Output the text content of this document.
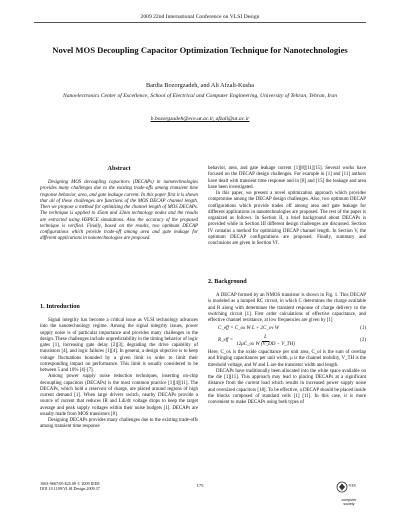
2009 22nd International Conference on VLSI Design
Novel MOS Decoupling Capacitor Optimization Technique for Nanotechnologies
Bardia Bozorgzadeh, and Ali Afzali-Kusha
Nanoelectronics Center of Excellence, School of Electrical and Computer Engineering, University of Tehran, Tehran, Iran
b.bozorgzadeh@ece.ut.ac.ir, afzali@ut.ac.ir
Abstract
Designing MOS decoupling capacitors (DECAPs) in nanotechnologies provides many challenges due to the existing trade-offs among transient time response behavior, area, and gate leakage current. In this paper first it is shown that all of these challenges are functions of the MOS DECAP channel length. Then we propose a method for optimizing the channel length of MOS DECAPs. The technique is applied to 45nm and 32nm technology nodes and the results are extracted using HSPICE simulations. Also the accuracy of the proposed technique is verified. Finally, based on the results, two optimum DECAP configurations which provide trade-off among area and gate leakage for different applications in nanotechnologies are proposed.
1. Introduction

Signal integrity has become a critical issue as VLSI technology advances into the nanotechnology regime. Among the signal integrity issues, power supply noise is of particular importance and provides many challenges in the design. These challenges include unpredictability in the timing behavior of logic gates [1], increasing gate delay [2][3], degrading the drive capability of transistors [4], and logic failures [1][4]. In general, a design objective is to keep voltage fluctuations bounded by a given limit in order to limit their corresponding impact on performance. This limit is usually considered to be between 5 and 10% [4]-[7].

Among power supply noise reduction techniques, inserting on-chip decoupling capacitors (DECAPs) is the most common practice [1][4][11]. The DECAPs, which hold a reservoir of charge, are placed around regions of high current demand [1]. When large drivers switch, nearby DECAPs provide a source of current that reduces IR and Ldi/dt voltage drops to keep the target average and peak supply voltages within their noise budgets [1]. DECAPs are usually made from MOS transistors [8].

Designing DECAPs provides many challenges due to the existing trade-offs among transient time response

behavior, area, and gate leakage current [1][8][11][15]. Several works have focused on the DECAP design challenges. For example in [1] and [11] authors have dealt with transient time response and in [8] and [15] the leakage and area have been investigated.

In this paper, we present a novel optimization approach which provides compromise among the DECAP design challenges. Also, two optimum DECAP configurations which provide trades off among area and gate leakage for different applications in nanotechnologies are proposed. The rest of the paper is organized as follows. In Section II, a brief background about DECAPs is provided while in Section III different design challenges are discussed. Section IV contains a method for optimizing DECAP channel length. In Section V, the optimum DECAP configurations are proposed. Finally, summary and conclusions are given in Section VI.

2. Background

A DECAP formed by an NMOS transistor is shown in Fig. 1. This DECAP is modeled as a lumped RC circuit, in which C determines the charge available and R along with determines the transient response of charge delivery to the switching circuit [1]. First order calculations of effective capacitance, and effective channel resistance, at low frequencies are given by [1]

C_eff = C_ox W L + 2C_ov W	(1)
R_eff = $\frac{L}{\text{12μC\_ox W (V\_DD − V\_TH)}}$	(2)

Here, C_ox is the oxide capacitance per unit area, C_ol is the sum of overlap and fringing capacitances per unit width, μ is the channel mobility, V_TH is the threshold voltage, and W and L are the transistor width and length.

DECAPs have traditionally been allocated into the white space available on the die [1][11]. This approach may lead to placing DECAPs at a significant distance from the current load which results in increased power supply noise and oversized capacitors [18]. To be effective, a DECAP should be placed inside the blocks composed of standard cells [1] [11]. In this case, it is more convenient to make DECAPs using both types of

1063-9667/09 $25.00 © 2009 IEEE
DOI 10.1109/VLSI.Design.2009.37
175	IEEE
computer society
